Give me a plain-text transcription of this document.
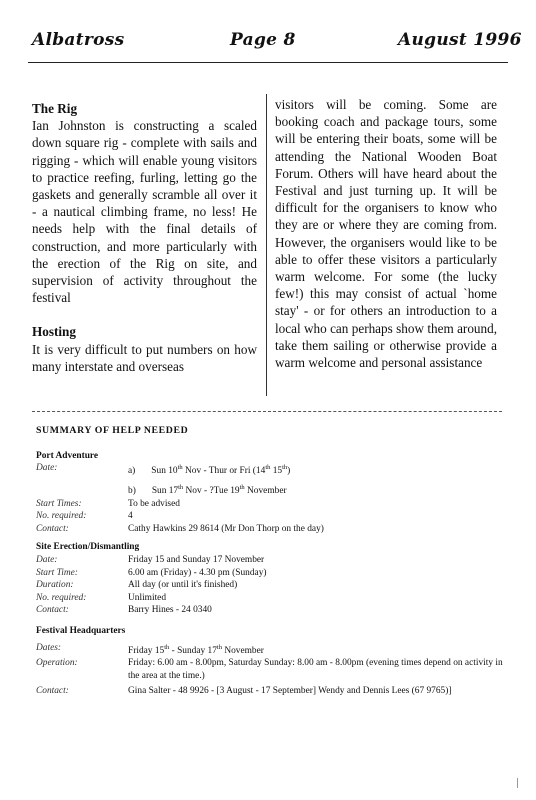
Albatross	Page 8	August 1996

The Rig

Ian Johnston is constructing a scaled down square rig - complete with sails and rigging - which will enable young visitors to practice reefing, furling, letting go the gaskets and generally scramble all over it - a nautical climbing frame, no less! He needs help with the final details of construction, and more particularly with the erection of the Rig on site, and supervision of activity throughout the festival

Hosting

It is very difficult to put numbers on how many interstate and overseas

visitors will be coming. Some are booking coach and package tours, some will be entering their boats, some will be attending the National Wooden Boat Forum. Others will have heard about the Festival and just turning up. It will be difficult for the organisers to know who they are or where they are coming from. However, the organisers would like to be able to offer these visitors a particularly warm welcome. For some (the lucky few!) this may consist of actual `home stay' - or for others an introduction to a local who can perhaps show them around, take them sailing or otherwise provide a warm welcome and personal assistance

SUMMARY OF HELP NEEDED
Port Adventure
Date:	a) Sun 10th Nov - Thur or Fri (14th 15th)
b) Sun 17th Nov - ?Tue 19th November
Start Times:	To be advised
No. required:	4
Contact:	Cathy Hawkins 29 8614 (Mr Don Thorp on the day)
Site Erection/Dismantling
Date:	Friday 15 and Sunday 17 November
Start Time:	6.00 am (Friday) - 4.30 pm (Sunday)
Duration:	All day (or until it's finished)
No. required:	Unlimited
Contact:	Barry Hines - 24 0340
Festival Headquarters
Dates:	Friday 15th - Sunday 17th November
Operation:	Friday: 6.00 am - 8.00pm, Saturday Sunday: 8.00 am - 8.00pm (evening times depend on activity in the area at the time.)
Contact:	Gina Salter - 48 9926 - [3 August - 17 September] Wendy and Dennis Lees (67 9765)]
